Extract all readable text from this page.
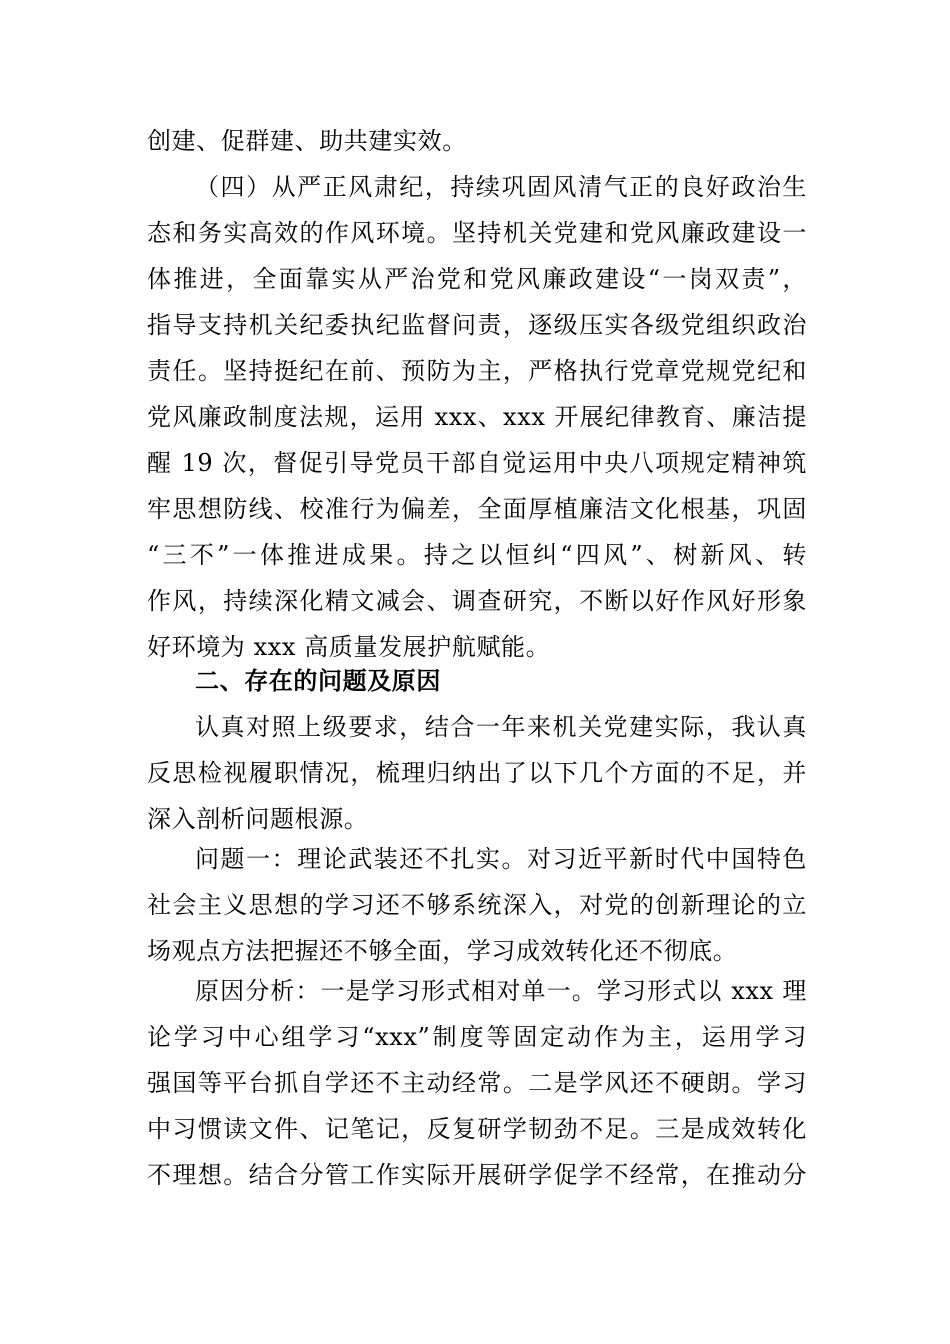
创建、促群建、助共建实效。
（四）从严正风肃纪，持续巩固风清气正的良好政治生
态和务实高效的作风环境。坚持机关党建和党风廉政建设一
体推进，全面靠实从严治党和党风廉政建设“一岗双责”，
指导支持机关纪委执纪监督问责，逐级压实各级党组织政治
责任。坚持挺纪在前、预防为主，严格执行党章党规党纪和
党风廉政制度法规，运用 xxx、xxx 开展纪律教育、廉洁提
醒 19 次，督促引导党员干部自觉运用中央八项规定精神筑
牢思想防线、校准行为偏差，全面厚植廉洁文化根基，巩固
“三不”一体推进成果。持之以恒纠“四风”、树新风、转
作风，持续深化精文减会、调查研究，不断以好作风好形象
好环境为 xxx 高质量发展护航赋能。
二、存在的问题及原因
认真对照上级要求，结合一年来机关党建实际，我认真
反思检视履职情况，梳理归纳出了以下几个方面的不足，并
深入剖析问题根源。
问题一：理论武装还不扎实。对习近平新时代中国特色
社会主义思想的学习还不够系统深入，对党的创新理论的立
场观点方法把握还不够全面，学习成效转化还不彻底。
原因分析：一是学习形式相对单一。学习形式以 xxx 理
论学习中心组学习“xxx”制度等固定动作为主，运用学习
强国等平台抓自学还不主动经常。二是学风还不硬朗。学习
中习惯读文件、记笔记，反复研学韧劲不足。三是成效转化
不理想。结合分管工作实际开展研学促学不经常，在推动分
